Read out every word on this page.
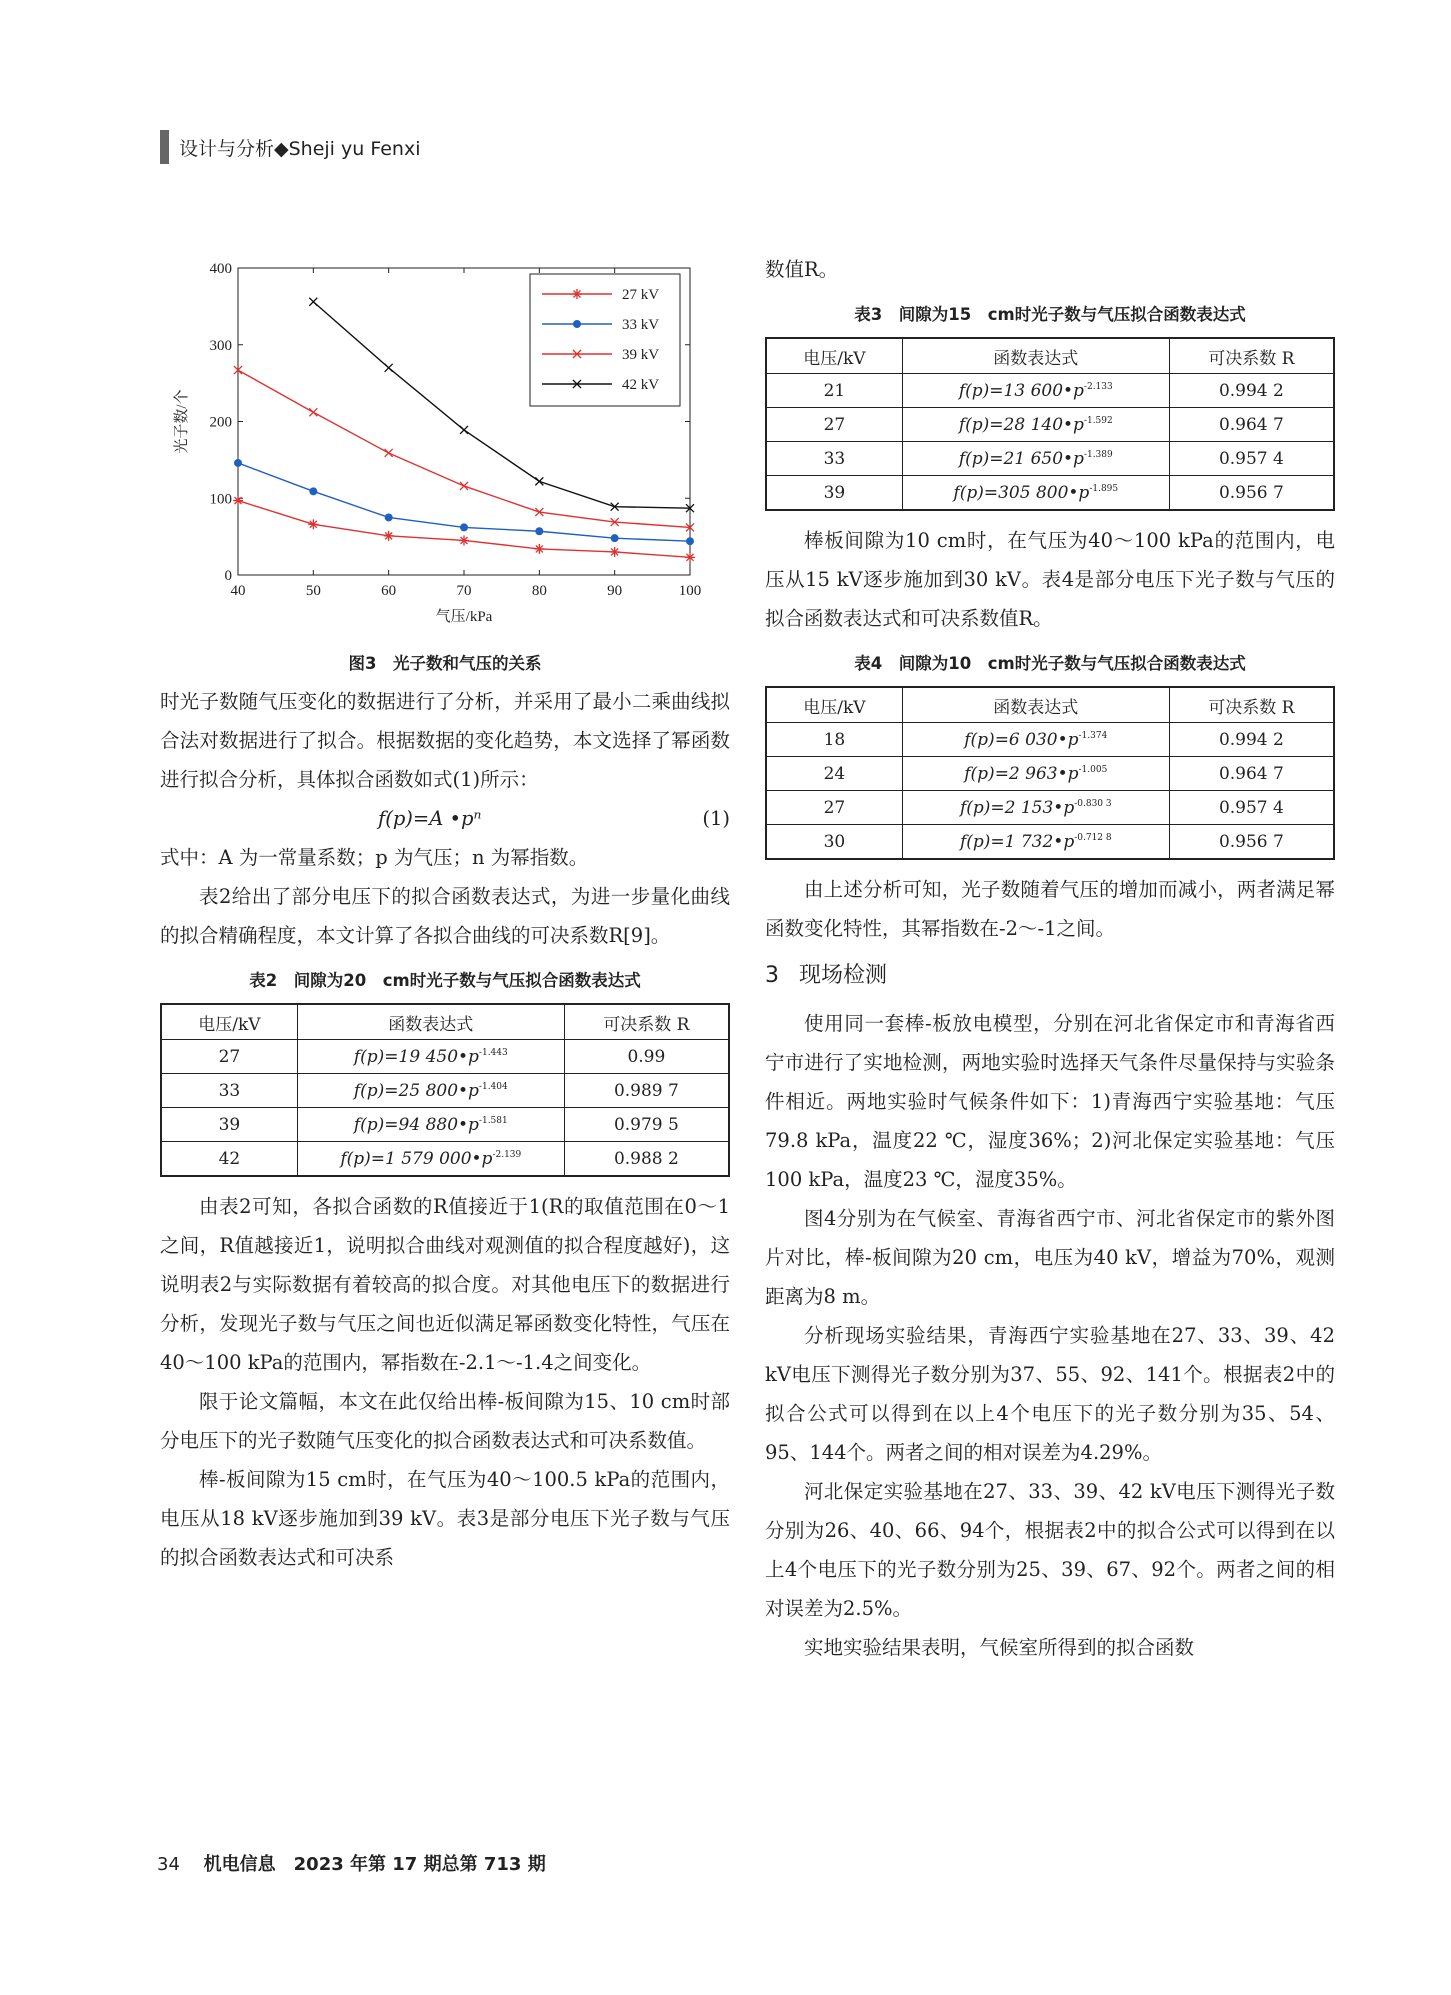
设计与分析◆Sheji yu Fenxi
40	50	60	70	80	90	100
0
100
200
300
400
气压/kPa
光子数/个
27 kV
33 kV
39 kV
42 kV
图3　光子数和气压的关系

时光子数随气压变化的数据进行了分析，并采用了最小二乘曲线拟合法对数据进行了拟合。根据数据的变化趋势，本文选择了幂函数进行拟合分析，具体拟合函数如式(1)所示：

f(p)=A •pⁿ	(1)

式中：A 为一常量系数；p 为气压；n 为幂指数。

表2给出了部分电压下的拟合函数表达式，为进一步量化曲线的拟合精确程度，本文计算了各拟合曲线的可决系数R[9]。

表2　间隙为20　cm时光子数与气压拟合函数表达式
电压/kV	函数表达式	可决系数 R
27	f(p)=19 $450•p^{-1.443}$	0.99
33	f(p)=25 $800•p^{-1.404}$	0.989 7
39	f(p)=94 $880•p^{-1.581}$	0.979 5
42	f(p)=1 579 $000•p^{-2.139}$	0.988 2

由表2可知，各拟合函数的R值接近于1(R的取值范围在0～1之间，R值越接近1，说明拟合曲线对观测值的拟合程度越好)，这说明表2与实际数据有着较高的拟合度。对其他电压下的数据进行分析，发现光子数与气压之间也近似满足幂函数变化特性，气压在40～100 kPa的范围内，幂指数在-2.1～-1.4之间变化。

限于论文篇幅，本文在此仅给出棒-板间隙为15、10 cm时部分电压下的光子数随气压变化的拟合函数表达式和可决系数值。

棒-板间隙为15 cm时，在气压为40～100.5 kPa的范围内，电压从18 kV逐步施加到39 kV。表3是部分电压下光子数与气压的拟合函数表达式和可决系

数值R。

表3　间隙为15　cm时光子数与气压拟合函数表达式
电压/kV	函数表达式	可决系数 R
21	f(p)=13 $600•p^{-2.133}$	0.994 2
27	f(p)=28 $140•p^{-1.592}$	0.964 7
33	f(p)=21 $650•p^{-1.389}$	0.957 4
39	f(p)=305 $800•p^{-1.895}$	0.956 7

棒板间隙为10 cm时，在气压为40～100 kPa的范围内，电压从15 kV逐步施加到30 kV。表4是部分电压下光子数与气压的拟合函数表达式和可决系数值R。

表4　间隙为10　cm时光子数与气压拟合函数表达式
电压/kV	函数表达式	可决系数 R
18	f(p)=6 $030•p^{-1.374}$	0.994 2
24	f(p)=2 $963•p^{-1.005}$	0.964 7
27	f(p)=2 $153•p^{-0.830 3}$	0.957 4
30	f(p)=1 $732•p^{-0.712 8}$	0.956 7

由上述分析可知，光子数随着气压的增加而减小，两者满足幂函数变化特性，其幂指数在-2～-1之间。

3 现场检测

使用同一套棒-板放电模型，分别在河北省保定市和青海省西宁市进行了实地检测，两地实验时选择天气条件尽量保持与实验条件相近。两地实验时气候条件如下：1)青海西宁实验基地：气压79.8 kPa，温度22 ℃，湿度36%；2)河北保定实验基地：气压100 kPa，温度23 ℃，湿度35%。

图4分别为在气候室、青海省西宁市、河北省保定市的紫外图片对比，棒-板间隙为20 cm，电压为40 kV，增益为70%，观测距离为8 m。

分析现场实验结果，青海西宁实验基地在27、33、39、42 kV电压下测得光子数分别为37、55、92、141个。根据表2中的拟合公式可以得到在以上4个电压下的光子数分别为35、54、95、144个。两者之间的相对误差为4.29%。

河北保定实验基地在27、33、39、42 kV电压下测得光子数分别为26、40、66、94个，根据表2中的拟合公式可以得到在以上4个电压下的光子数分别为25、39、67、92个。两者之间的相对误差为2.5%。

实地实验结果表明，气候室所得到的拟合函数

34 机电信息　2023 年第 17 期总第 713 期
